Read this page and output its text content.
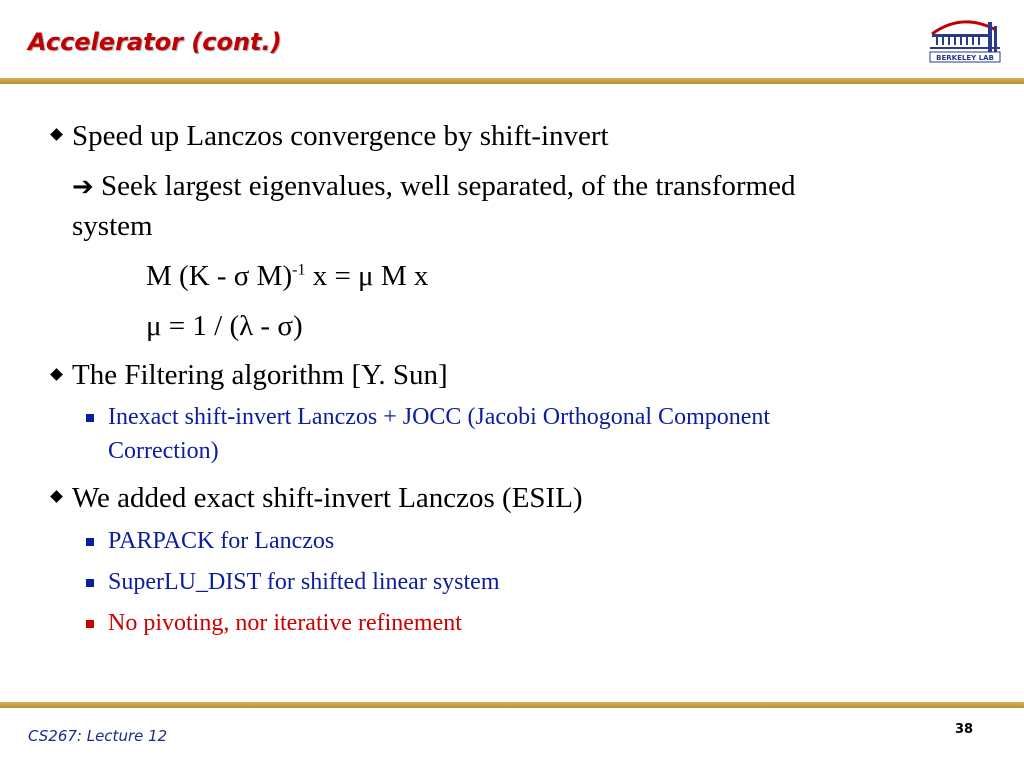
Accelerator (cont.)
BERKELEY LAB
Speed up Lanczos convergence by shift-invert
➔ Seek largest eigenvalues, well separated, of the transformed
system
M (K - σ M)$^{-1}$ x = μ M x
μ = 1 / (λ - σ)
The Filtering algorithm [Y. Sun]
Inexact shift-invert Lanczos + JOCC (Jacobi Orthogonal Component
Correction)
We added exact shift-invert Lanczos (ESIL)
PARPACK for Lanczos
SuperLU_DIST for shifted linear system
No pivoting, nor iterative refinement
CS267: Lecture 12	38
